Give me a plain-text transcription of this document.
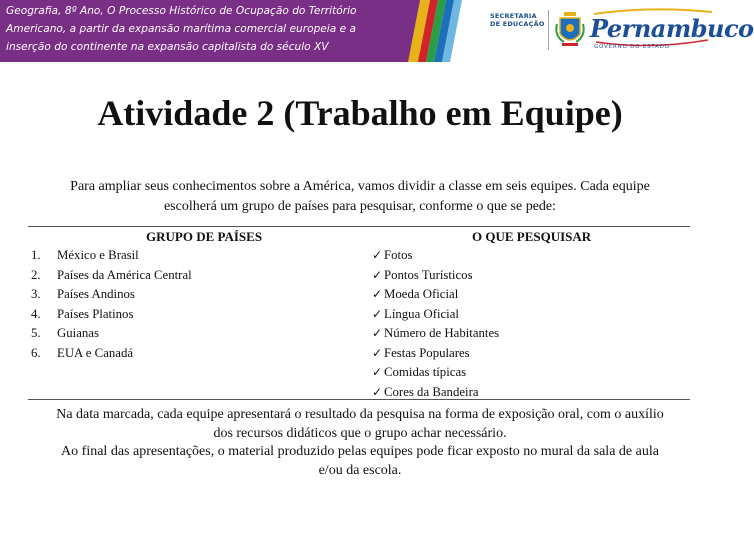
Geografia, 8º Ano, O Processo Histórico de Ocupação do Território
Americano, a partir da expansão marítima comercial europeia e a
inserção do continente na expansão capitalista do século XV
SECRETARIA
DE EDUCAÇÃO Pernambuco
GOVERNO DO ESTADO
Atividade 2 (Trabalho em Equipe)
Para ampliar seus conhecimentos sobre a América, vamos dividir a classe em seis equipes. Cada equipe
escolherá um grupo de países para pesquisar, conforme o que se pede:
GRUPO DE PAÍSES	O QUE PESQUISAR
1. México e Brasil
2. Países da América Central
3. Países Andinos
4. Países Platinos
5. Guianas
6. EUA e Canadá
✓ Fotos
✓ Pontos Turísticos
✓ Moeda Oficial
✓ Língua Oficial
✓ Número de Habitantes
✓ Festas Populares
✓ Comidas típicas
✓ Cores da Bandeira
Na data marcada, cada equipe apresentará o resultado da pesquisa na forma de exposição oral, com o auxílio
dos recursos didáticos que o grupo achar necessário.
Ao final das apresentações, o material produzido pelas equipes pode ficar exposto no mural da sala de aula
e/ou da escola.
